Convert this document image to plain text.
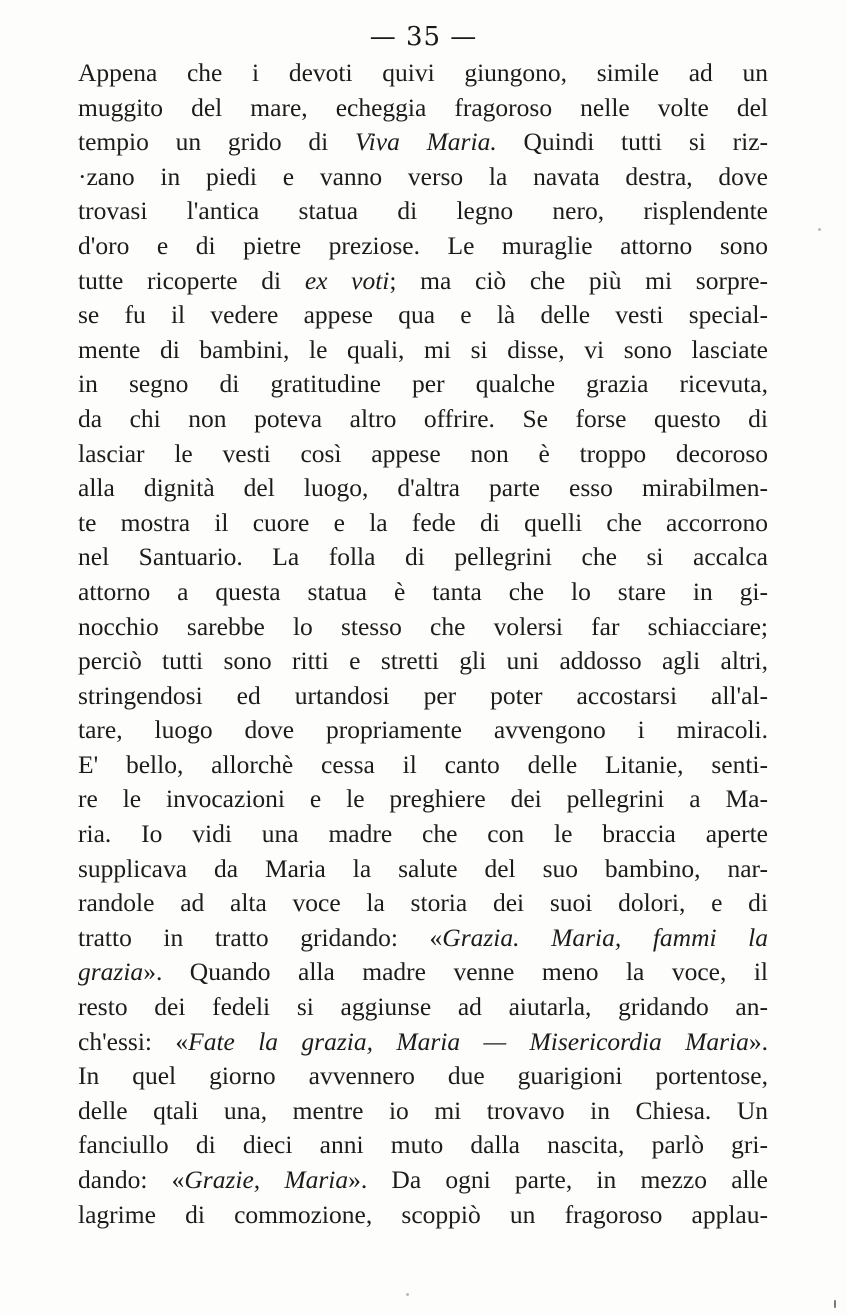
— 35 —
Appena che i devoti quivi giungono, simile ad un
muggito del mare, echeggia fragoroso nelle volte del
tempio un grido di Viva Maria. Quindi tutti si riz-
·zano in piedi e vanno verso la navata destra, dove
trovasi l'antica statua di legno nero, risplendente
d'oro e di pietre preziose. Le muraglie attorno sono
tutte ricoperte di ex voti; ma ciò che più mi sorpre-
se fu il vedere appese qua e là delle vesti special-
mente di bambini, le quali, mi si disse, vi sono lasciate
in segno di gratitudine per qualche grazia ricevuta,
da chi non poteva altro offrire. Se forse questo di
lasciar le vesti così appese non è troppo decoroso
alla dignità del luogo, d'altra parte esso mirabilmen-
te mostra il cuore e la fede di quelli che accorrono
nel Santuario. La folla di pellegrini che si accalca
attorno a questa statua è tanta che lo stare in gi-
nocchio sarebbe lo stesso che volersi far schiacciare;
perciò tutti sono ritti e stretti gli uni addosso agli altri,
stringendosi ed urtandosi per poter accostarsi all'al-
tare, luogo dove propriamente avvengono i miracoli.
E' bello, allorchè cessa il canto delle Litanie, senti-
re le invocazioni e le preghiere dei pellegrini a Ma-
ria. Io vidi una madre che con le braccia aperte
supplicava da Maria la salute del suo bambino, nar-
randole ad alta voce la storia dei suoi dolori, e di
tratto in tratto gridando: «Grazia. Maria, fammi la
grazia». Quando alla madre venne meno la voce, il
resto dei fedeli si aggiunse ad aiutarla, gridando an-
ch'essi: «Fate la grazia, Maria — Misericordia Maria».
In quel giorno avvennero due guarigioni portentose,
delle qtali una, mentre io mi trovavo in Chiesa. Un
fanciullo di dieci anni muto dalla nascita, parlò gri-
dando: «Grazie, Maria». Da ogni parte, in mezzo alle
lagrime di commozione, scoppiò un fragoroso applau-
